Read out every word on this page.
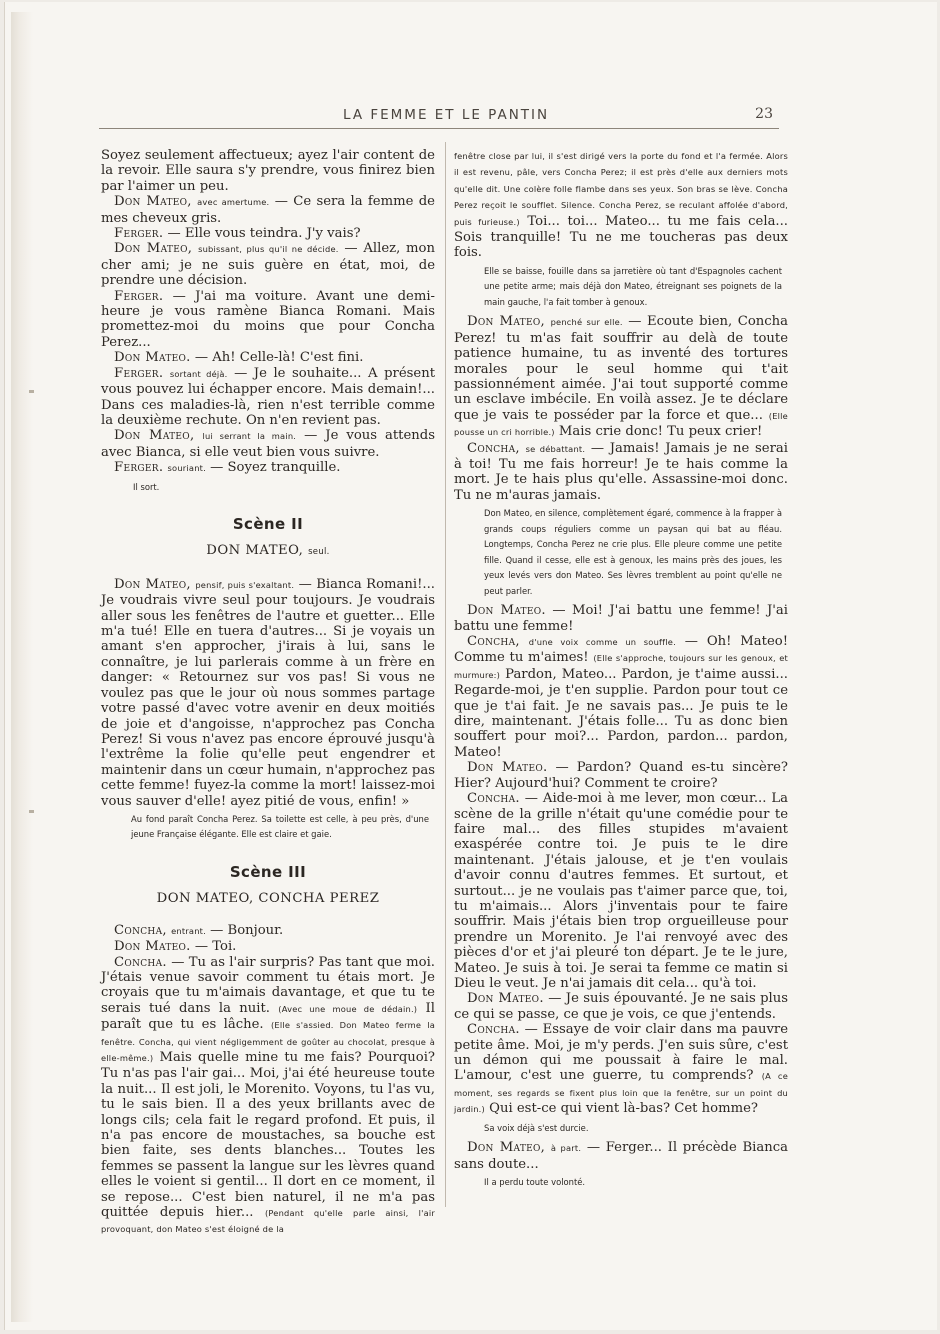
LA FEMME ET LE PANTIN	23

Soyez seulement affectueux; ayez l'air content de la revoir. Elle saura s'y prendre, vous finirez bien par l'aimer un peu.

Don Mateo, avec amertume. — Ce sera la femme de mes cheveux gris.

Ferger. — Elle vous teindra. J'y vais?

Don Mateo, subissant, plus qu'il ne décide. — Allez, mon cher ami; je ne suis guère en état, moi, de prendre une décision.

Ferger. — J'ai ma voiture. Avant une demi-heure je vous ramène Bianca Romani. Mais promettez-moi du moins que pour Concha Perez...

Don Mateo. — Ah! Celle-là! C'est fini.

Ferger. sortant déjà. — Je le souhaite... A présent vous pouvez lui échapper encore. Mais demain!... Dans ces maladies-là, rien n'est terrible comme la deuxième rechute. On n'en revient pas.

Don Mateo, lui serrant la main. — Je vous attends avec Bianca, si elle veut bien vous suivre.

Ferger. souriant. — Soyez tranquille.

Il sort.
Scène II
DON MATEO, seul.

Don Mateo, pensif, puis s'exaltant. — Bianca Romani!... Je voudrais vivre seul pour toujours. Je voudrais aller sous les fenêtres de l'autre et guetter... Elle m'a tué! Elle en tuera d'autres... Si je voyais un amant s'en approcher, j'irais à lui, sans le connaître, je lui parlerais comme à un frère en danger: « Retournez sur vos pas! Si vous ne voulez pas que le jour où nous sommes partage votre passé d'avec votre avenir en deux moitiés de joie et d'angoisse, n'approchez pas Concha Perez! Si vous n'avez pas encore éprouvé jusqu'à l'extrême la folie qu'elle peut engendrer et maintenir dans un cœur humain, n'approchez pas cette femme! fuyez-la comme la mort! laissez-moi vous sauver d'elle! ayez pitié de vous, enfin! »

Au fond paraît Concha Perez. Sa toilette est celle, à peu près, d'une jeune Française élégante. Elle est claire et gaie.
Scène III
DON MATEO, CONCHA PEREZ

Concha, entrant. — Bonjour.

Don Mateo. — Toi.

Concha. — Tu as l'air surpris? Pas tant que moi. J'étais venue savoir comment tu étais mort. Je croyais que tu m'aimais davantage, et que tu te serais tué dans la nuit. (Avec une moue de dédain.) Il paraît que tu es lâche. (Elle s'assied. Don Mateo ferme la fenêtre. Concha, qui vient négligemment de goûter au chocolat, presque à elle-même.) Mais quelle mine tu me fais? Pourquoi? Tu n'as pas l'air gai... Moi, j'ai été heureuse toute la nuit... Il est joli, le Morenito. Voyons, tu l'as vu, tu le sais bien. Il a des yeux brillants avec de longs cils; cela fait le regard profond. Et puis, il n'a pas encore de moustaches, sa bouche est bien faite, ses dents blanches... Toutes les femmes se passent la langue sur les lèvres quand elles le voient si gentil... Il dort en ce moment, il se repose... C'est bien naturel, il ne m'a pas quittée depuis hier... (Pendant qu'elle parle ainsi, l'air provoquant, don Mateo s'est éloigné de la

fenêtre close par lui, il s'est dirigé vers la porte du fond et l'a fermée. Alors il est revenu, pâle, vers Concha Perez; il est près d'elle aux derniers mots qu'elle dit. Une colère folle flambe dans ses yeux. Son bras se lève. Concha Perez reçoit le soufflet. Silence. Concha Perez, se reculant affolée d'abord, puis furieuse.) Toi... toi... Mateo... tu me fais cela... Sois tranquille! Tu ne me toucheras pas deux fois.

Elle se baisse, fouille dans sa jarretière où tant d'Espagnoles cachent une petite arme; mais déjà don Mateo, étreignant ses poignets de la main gauche, l'a fait tomber à genoux.

Don Mateo, penché sur elle. — Ecoute bien, Concha Perez! tu m'as fait souffrir au delà de toute patience humaine, tu as inventé des tortures morales pour le seul homme qui t'ait passionnément aimée. J'ai tout supporté comme un esclave imbécile. En voilà assez. Je te déclare que je vais te posséder par la force et que... (Elle pousse un cri horrible.) Mais crie donc! Tu peux crier!

Concha, se débattant. — Jamais! Jamais je ne serai à toi! Tu me fais horreur! Je te hais comme la mort. Je te hais plus qu'elle. Assassine-moi donc. Tu ne m'auras jamais.

Don Mateo, en silence, complètement égaré, commence à la frapper à grands coups réguliers comme un paysan qui bat au fléau. Longtemps, Concha Perez ne crie plus. Elle pleure comme une petite fille. Quand il cesse, elle est à genoux, les mains près des joues, les yeux levés vers don Mateo. Ses lèvres tremblent au point qu'elle ne peut parler.

Don Mateo. — Moi! J'ai battu une femme! J'ai battu une femme!

Concha, d'une voix comme un souffle. — Oh! Mateo! Comme tu m'aimes! (Elle s'approche, toujours sur les genoux, et murmure:) Pardon, Mateo... Pardon, je t'aime aussi... Regarde-moi, je t'en supplie. Pardon pour tout ce que je t'ai fait. Je ne savais pas... Je puis te le dire, maintenant. J'étais folle... Tu as donc bien souffert pour moi?... Pardon, pardon... pardon, Mateo!

Don Mateo. — Pardon? Quand es-tu sincère? Hier? Aujourd'hui? Comment te croire?

Concha. — Aide-moi à me lever, mon cœur... La scène de la grille n'était qu'une comédie pour te faire mal... des filles stupides m'avaient exaspérée contre toi. Je puis te le dire maintenant. J'étais jalouse, et je t'en voulais d'avoir connu d'autres femmes. Et surtout, et surtout... je ne voulais pas t'aimer parce que, toi, tu m'aimais... Alors j'inventais pour te faire souffrir. Mais j'étais bien trop orgueilleuse pour prendre un Morenito. Je l'ai renvoyé avec des pièces d'or et j'ai pleuré ton départ. Je te le jure, Mateo. Je suis à toi. Je serai ta femme ce matin si Dieu le veut. Je n'ai jamais dit cela... qu'à toi.

Don Mateo. — Je suis épouvanté. Je ne sais plus ce qui se passe, ce que je vois, ce que j'entends.

Concha. — Essaye de voir clair dans ma pauvre petite âme. Moi, je m'y perds. J'en suis sûre, c'est un démon qui me poussait à faire le mal. L'amour, c'est une guerre, tu comprends? (A ce moment, ses regards se fixent plus loin que la fenêtre, sur un point du jardin.) Qui est-ce qui vient là-bas? Cet homme?

Sa voix déjà s'est durcie.

Don Mateo, à part. — Ferger... Il précède Bianca sans doute...

Il a perdu toute volonté.
